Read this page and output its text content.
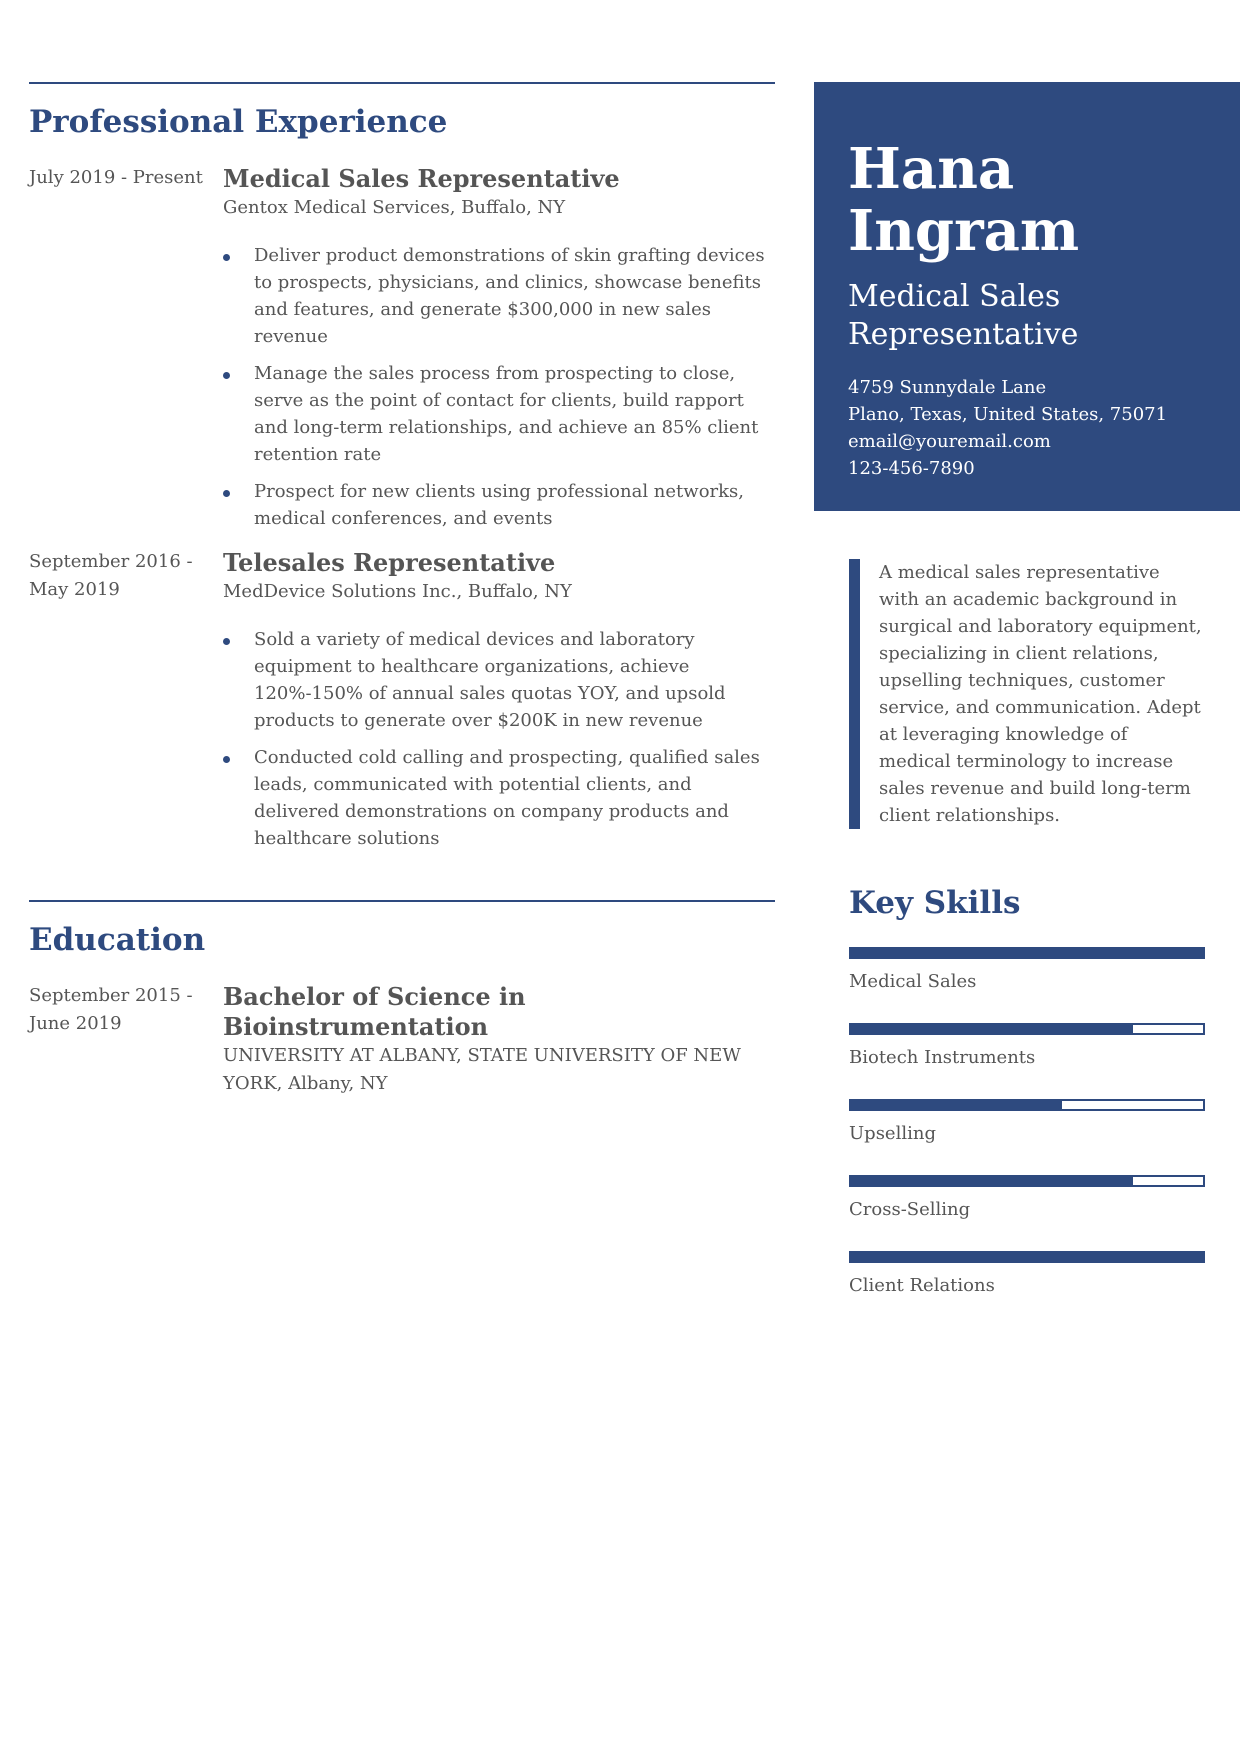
Professional Experience
July 2019 - Present Medical Sales Representative
Gentox Medical Services, Buffalo, NY
Deliver product demonstrations of skin grafting devices to prospects, physicians, and clinics, showcase benefits and features, and generate $300,000 in new sales revenue
Manage the sales process from prospecting to close, serve as the point of contact for clients, build rapport and long-term relationships, and achieve an 85% client retention rate
Prospect for new clients using professional networks, medical conferences, and events
September 2016 -
May 2019
Telesales Representative
MedDevice Solutions Inc., Buffalo, NY
Sold a variety of medical devices and laboratory equipment to healthcare organizations, achieve 120%-150% of annual sales quotas YOY, and upsold products to generate over $200K in new revenue
Conducted cold calling and prospecting, qualified sales leads, communicated with potential clients, and delivered demonstrations on company products and healthcare solutions
Education
September 2015 -
June 2019
Bachelor of Science in Bioinstrumentation
UNIVERSITY AT ALBANY, STATE UNIVERSITY OF NEW YORK, Albany, NY
Hana
Ingram
Medical Sales
Representative
4759 Sunnydale Lane
Plano, Texas, United States, 75071
email@youremail.com
123-456-7890
A medical sales representative with an academic background in surgical and laboratory equipment, specializing in client relations, upselling techniques, customer service, and communication. Adept at leveraging knowledge of medical terminology to increase sales revenue and build long-term client relationships.
Key Skills
Medical Sales
Biotech Instruments
Upselling
Cross-Selling
Client Relations
